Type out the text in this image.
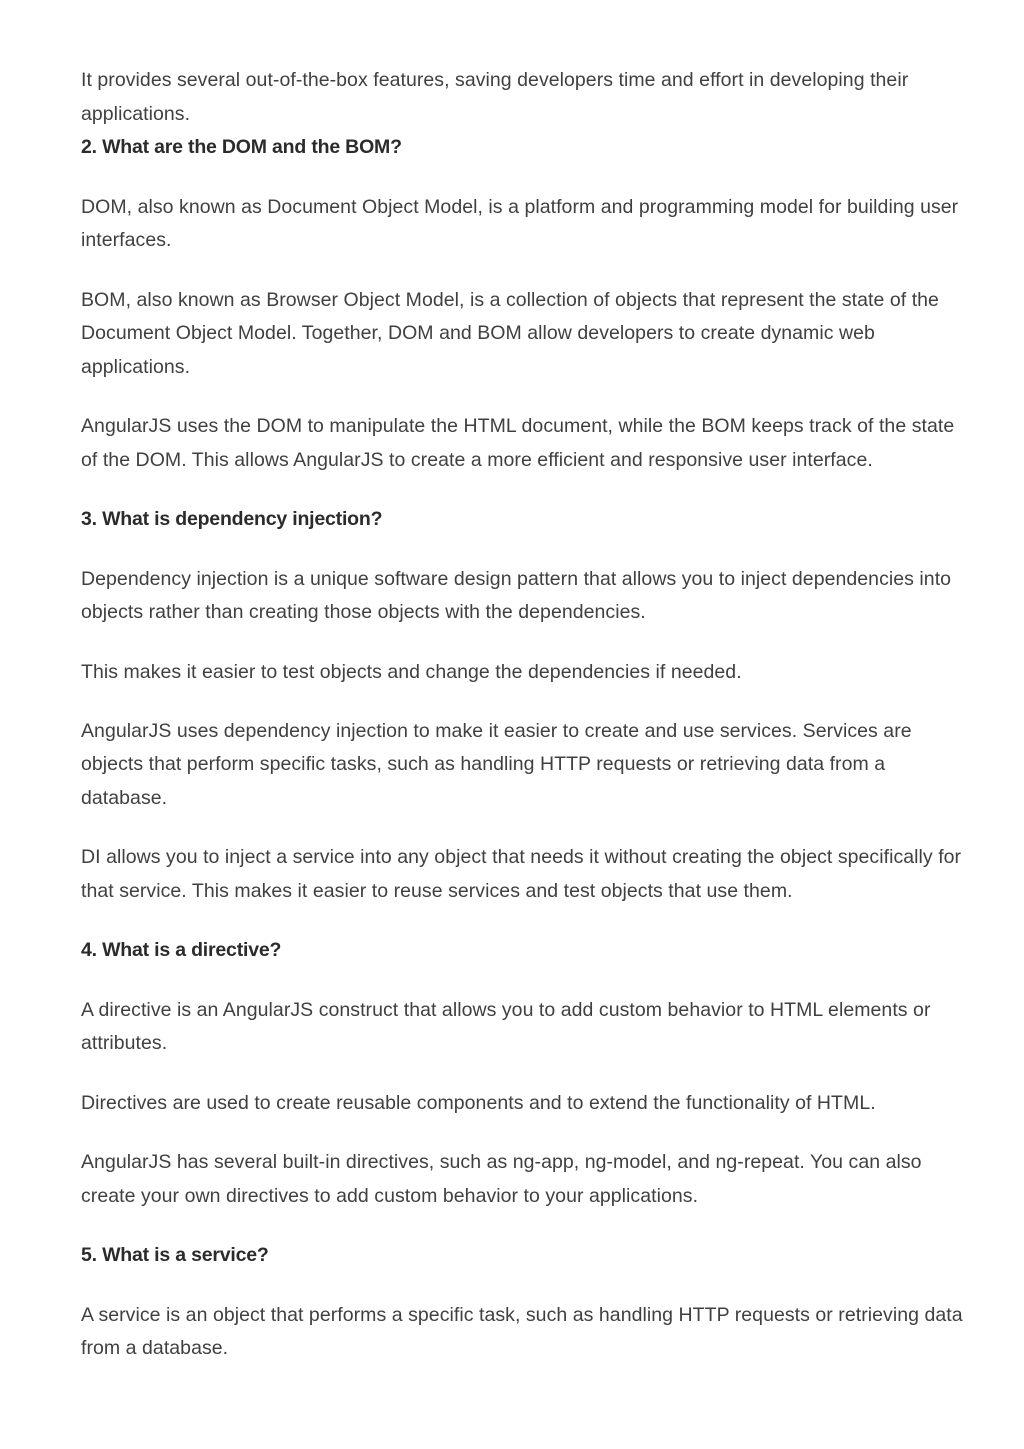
It provides several out-of-the-box features, saving developers time and effort in developing their applications.

2. What are the DOM and the BOM?

DOM, also known as Document Object Model, is a platform and programming model for building user interfaces.

BOM, also known as Browser Object Model, is a collection of objects that represent the state of the Document Object Model. Together, DOM and BOM allow developers to create dynamic web applications.

AngularJS uses the DOM to manipulate the HTML document, while the BOM keeps track of the state of the DOM. This allows AngularJS to create a more efficient and responsive user interface.

3. What is dependency injection?

Dependency injection is a unique software design pattern that allows you to inject dependencies into objects rather than creating those objects with the dependencies.

This makes it easier to test objects and change the dependencies if needed.

AngularJS uses dependency injection to make it easier to create and use services. Services are objects that perform specific tasks, such as handling HTTP requests or retrieving data from a database.

DI allows you to inject a service into any object that needs it without creating the object specifically for that service. This makes it easier to reuse services and test objects that use them.

4. What is a directive?

A directive is an AngularJS construct that allows you to add custom behavior to HTML elements or attributes.

Directives are used to create reusable components and to extend the functionality of HTML.

AngularJS has several built-in directives, such as ng-app, ng-model, and ng-repeat. You can also create your own directives to add custom behavior to your applications.

5. What is a service?

A service is an object that performs a specific task, such as handling HTTP requests or retrieving data from a database.
